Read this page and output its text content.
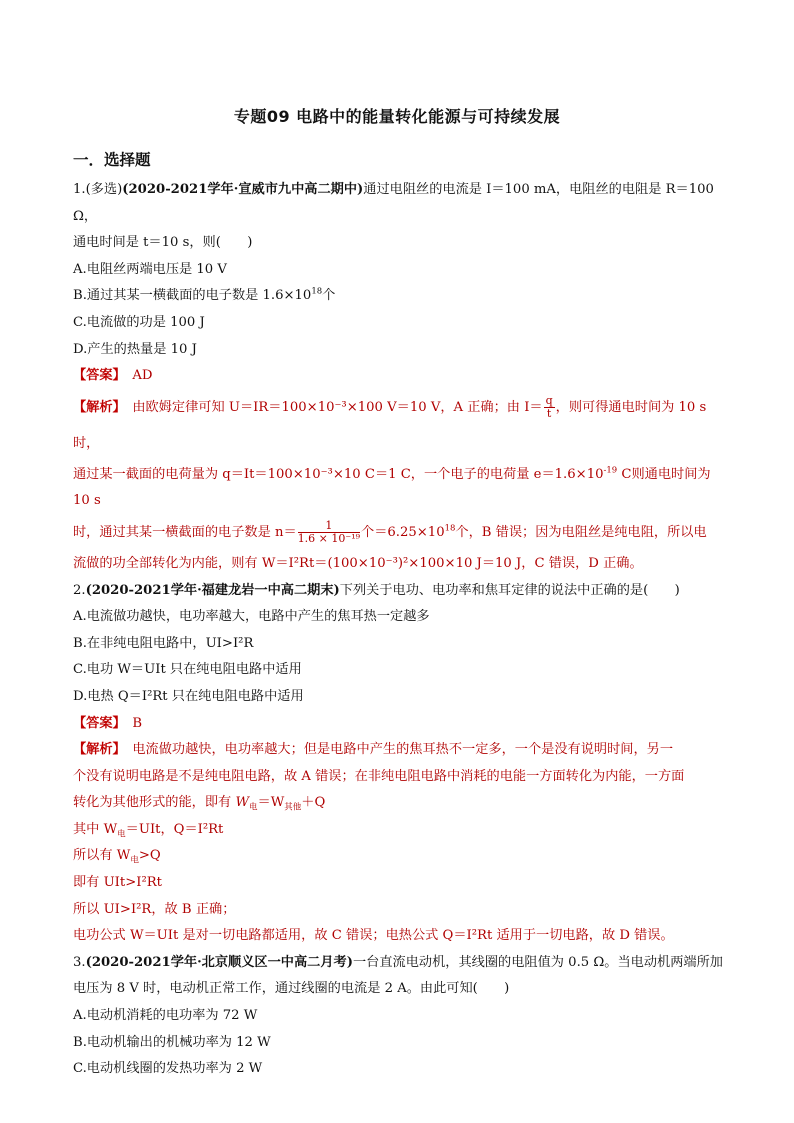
专题09 电路中的能量转化能源与可持续发展
一．选择题

1.(多选)(2020-2021学年·宣威市九中高二期中)通过电阻丝的电流是 I＝100 mA，电阻丝的电阻是 R＝100 Ω，

通电时间是 t＝10 s，则(　　)

A.电阻丝两端电压是 10 V

B.通过其某一横截面的电子数是 $1.6\times 10^{18}$个

C.电流做的功是 100 J

D.产生的热量是 10 J

【答案】　 AD

【解析】　 由欧姆定律可知 U＝IR＝100×10⁻³×100 V＝10 V，A 正确；由 $I= \frac{q}{t}$ ，则可得通电时间为 10 s 时，

通过某一截面的电荷量为 q＝It＝100×10⁻³×10 C＝1 C，一个电子的电荷量 $e=1.6\times 10^{-19}$ C则通电时间为 10 s

时，通过其某一横截面的电子数是 $n= \frac{1}{\text{1.6 × 10⁻¹⁹}}$ 个$=6.25\times 10^{18}$个，B 错误；因为电阻丝是纯电阻，所以电

流做的功全部转化为内能，则有 W＝I²Rt＝(100×10⁻³)²×100×10 J＝10 J，C 错误，D 正确。

2.(2020-2021学年·福建龙岩一中高二期末)下列关于电功、电功率和焦耳定律的说法中正确的是(　　)

A.电流做功越快，电功率越大，电路中产生的焦耳热一定越多

B.在非纯电阻电路中，UI>I²R

C.电功 W＝UIt 只在纯电阻电路中适用

D.电热 Q＝I²Rt 只在纯电阻电路中适用

【答案】　 B

【解析】　 电流做功越快，电功率越大；但是电路中产生的焦耳热不一定多，一个是没有说明时间，另一

个没有说明电路是不是纯电阻电路，故 A 错误；在非纯电阻电路中消耗的电能一方面转化为内能，一方面

转化为其他形式的能，即有 $W_电=W_{其他}+Q$

其中 $W_电=UIt$，Q＝I²Rt

所以有 $W_电>Q$

即有 UIt>I²Rt

所以 UI>I²R，故 B 正确；

电功公式 W＝UIt 是对一切电路都适用，故 C 错误；电热公式 Q＝I²Rt 适用于一切电路，故 D 错误。

3.(2020-2021学年·北京顺义区一中高二月考)一台直流电动机，其线圈的电阻值为 0.5 Ω。当电动机两端所加

电压为 8 V 时，电动机正常工作，通过线圈的电流是 2 A。由此可知(　　)

A.电动机消耗的电功率为 72 W

B.电动机输出的机械功率为 12 W

C.电动机线圈的发热功率为 2 W
